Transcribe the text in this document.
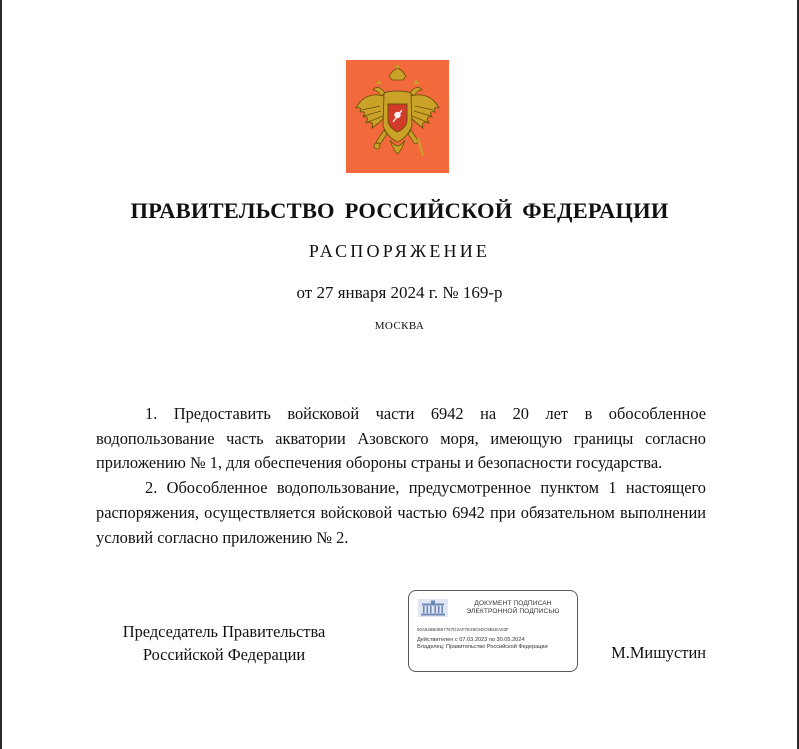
ПРАВИТЕЛЬСТВО РОССИЙСКОЙ ФЕДЕРАЦИИ
РАСПОРЯЖЕНИЕ
от 27 января 2024 г. № 169-р
МОСКВА

1. Предоставить войсковой части 6942 на 20 лет в обособленное водопользование часть акватории Азовского моря, имеющую границы согласно приложению № 1, для обеспечения обороны страны и безопасности государства.

2. Обособленное водопользование, предусмотренное пунктом 1 настоящего распоряжения, осуществляется войсковой частью 6942 при обязательном выполнении условий согласно приложению № 2.

Председатель Правительства
Российской Федерации
ДОКУМЕНТ ПОДПИСАН
ЭЛЕКТРОННОЙ ПОДПИСЬЮ
00A546B0B07767D3AF7E29C5DC9B1EA03F
Действителен с 07.03.2023 по 30.05.2024
Владелец: Правительство Российской Федерации	М.Мишустин
